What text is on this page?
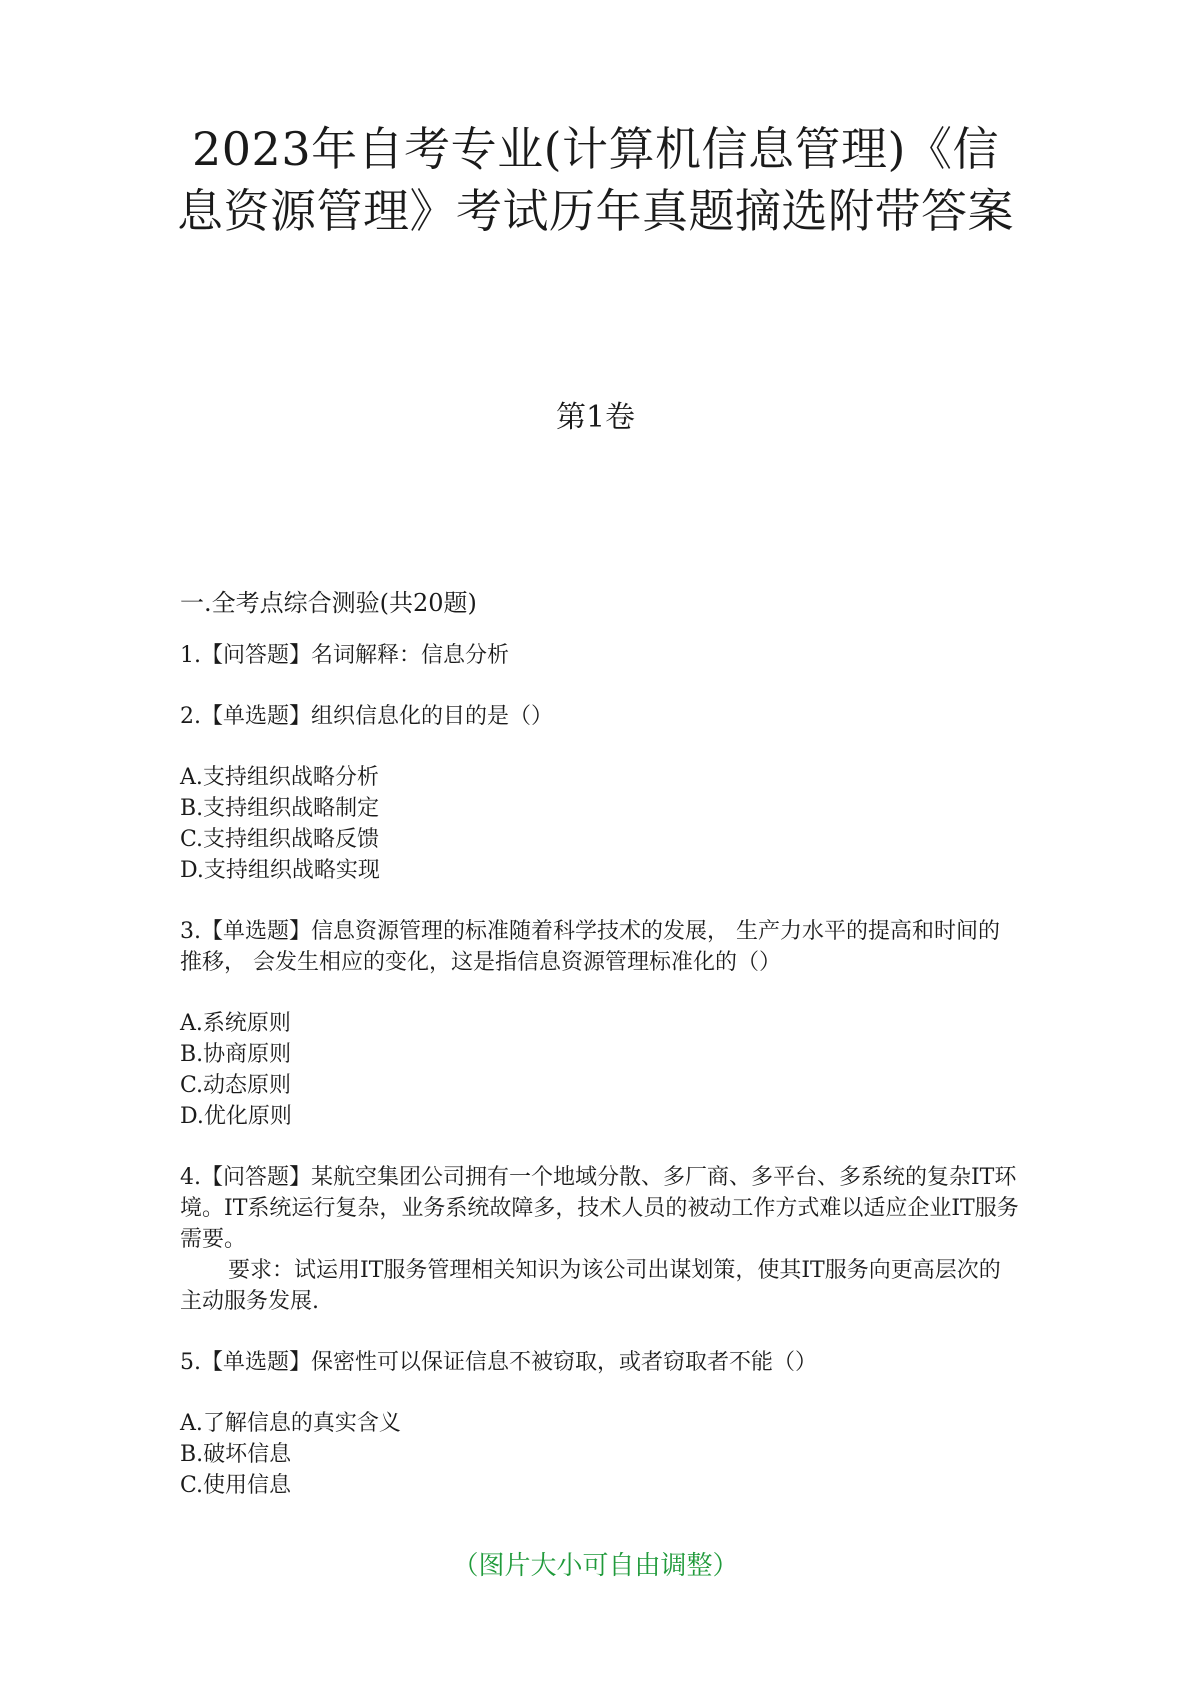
2023年自考专业(计算机信息管理)《信息资源管理》考试历年真题摘选附带答案
第1卷
一.全考点综合测验(共20题)
1.【问答题】名词解释：信息分析
2.【单选题】组织信息化的目的是（）
A.支持组织战略分析
B.支持组织战略制定
C.支持组织战略反馈
D.支持组织战略实现
3.【单选题】信息资源管理的标准随着科学技术的发展， 生产力水平的提高和时间的推移， 会发生相应的变化，这是指信息资源管理标准化的（）
A.系统原则
B.协商原则
C.动态原则
D.优化原则
4.【问答题】某航空集团公司拥有一个地域分散、多厂商、多平台、多系统的复杂IT环境。IT系统运行复杂，业务系统故障多，技术人员的被动工作方式难以适应企业IT服务需要。
要求：试运用IT服务管理相关知识为该公司出谋划策，使其IT服务向更高层次的主动服务发展.
5.【单选题】保密性可以保证信息不被窃取，或者窃取者不能（）
A.了解信息的真实含义
B.破坏信息
C.使用信息
（图片大小可自由调整）
